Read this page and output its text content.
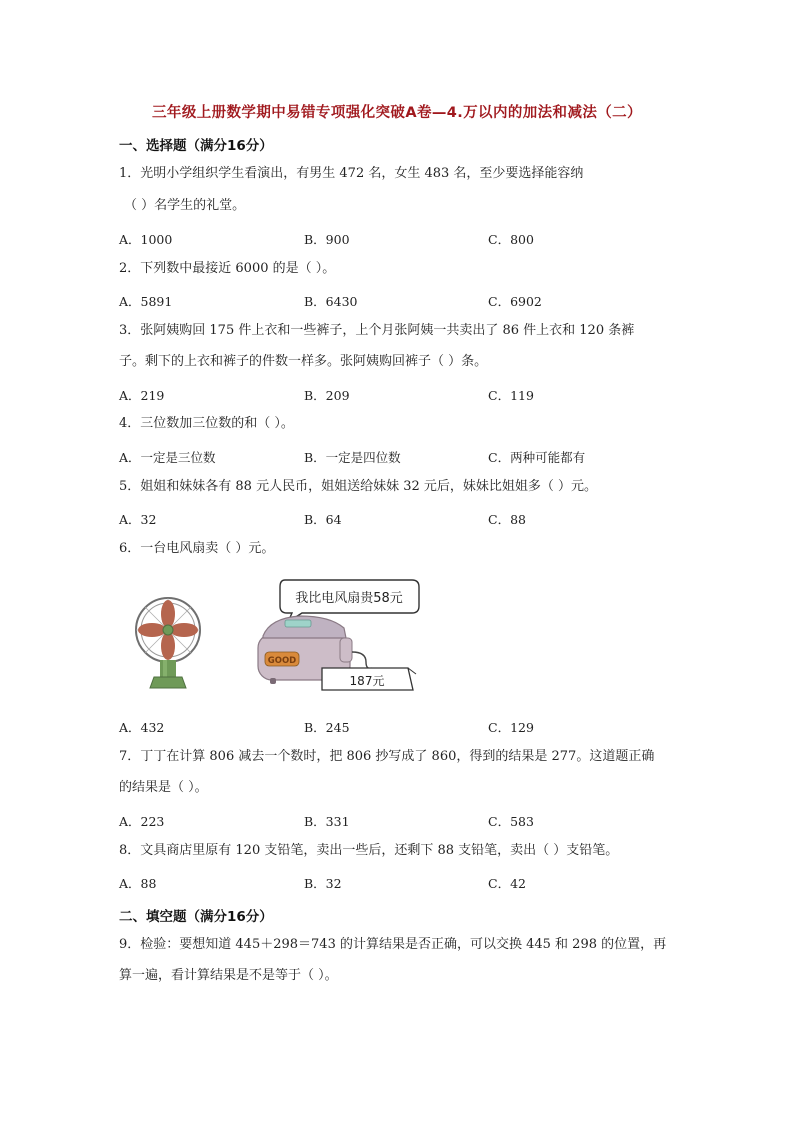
三年级上册数学期中易错专项强化突破A卷—4.万以内的加法和减法（二）
一、选择题（满分16分）
1．光明小学组织学生看演出，有男生 472 名，女生 483 名，至少要选择能容纳
（ ）名学生的礼堂。
A．1000	B．900	C．800
2．下列数中最接近 6000 的是（ ）。
A．5891	B．6430	C．6902
3．张阿姨购回 175 件上衣和一些裤子，上个月张阿姨一共卖出了 86 件上衣和 120 条裤
子。剩下的上衣和裤子的件数一样多。张阿姨购回裤子（ ）条。
A．219	B．209	C．119
4．三位数加三位数的和（ ）。
A．一定是三位数	B．一定是四位数	C．两种可能都有
5．姐姐和妹妹各有 88 元人民币，姐姐送给妹妹 32 元后，妹妹比姐姐多（ ）元。
A．32	B．64	C．88
6．一台电风扇卖（ ）元。
我比电风扇贵58元
GOOD
187元
A．432	B．245	C．129
7．丁丁在计算 806 减去一个数时，把 806 抄写成了 860，得到的结果是 277。这道题正确
的结果是（ ）。
A．223	B．331	C．583
8．文具商店里原有 120 支铅笔，卖出一些后，还剩下 88 支铅笔，卖出（ ）支铅笔。
A．88	B．32	C．42
二、填空题（满分16分）
9．检验：要想知道 445＋298＝743 的计算结果是否正确，可以交换 445 和 298 的位置，再
算一遍，看计算结果是不是等于（ ）。
